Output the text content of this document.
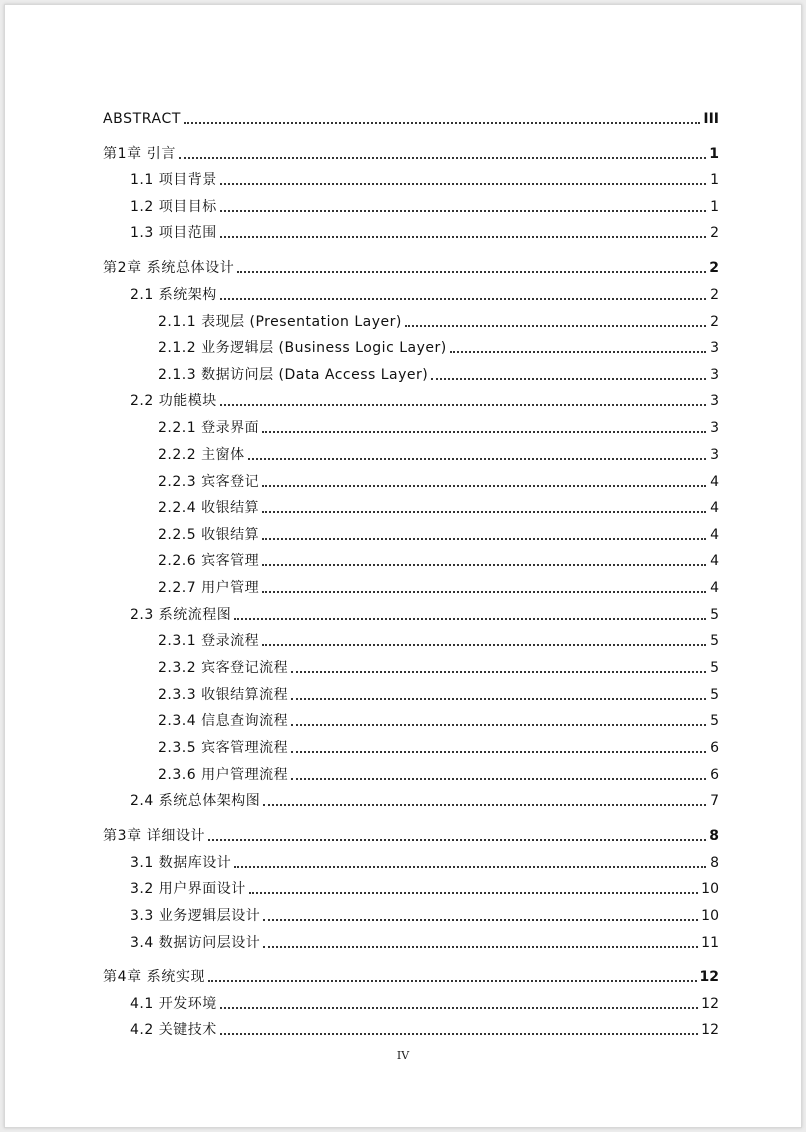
ABSTRACT	III
第1章 引言	1
1.1 项目背景	1
1.2 项目目标	1
1.3 项目范围	2
第2章 系统总体设计	2
2.1 系统架构	2
2.1.1 表现层 (Presentation Layer)	2
2.1.2 业务逻辑层 (Business Logic Layer)	3
2.1.3 数据访问层 (Data Access Layer)	3
2.2 功能模块	3
2.2.1 登录界面	3
2.2.2 主窗体	3
2.2.3 宾客登记	4
2.2.4 收银结算	4
2.2.5 收银结算	4
2.2.6 宾客管理	4
2.2.7 用户管理	4
2.3 系统流程图	5
2.3.1 登录流程	5
2.3.2 宾客登记流程	5
2.3.3 收银结算流程	5
2.3.4 信息查询流程	5
2.3.5 宾客管理流程	6
2.3.6 用户管理流程	6
2.4 系统总体架构图	7
第3章 详细设计	8
3.1 数据库设计	8
3.2 用户界面设计	10
3.3 业务逻辑层设计	10
3.4 数据访问层设计	11
第4章 系统实现	12
4.1 开发环境	12
4.2 关键技术	12
IV
